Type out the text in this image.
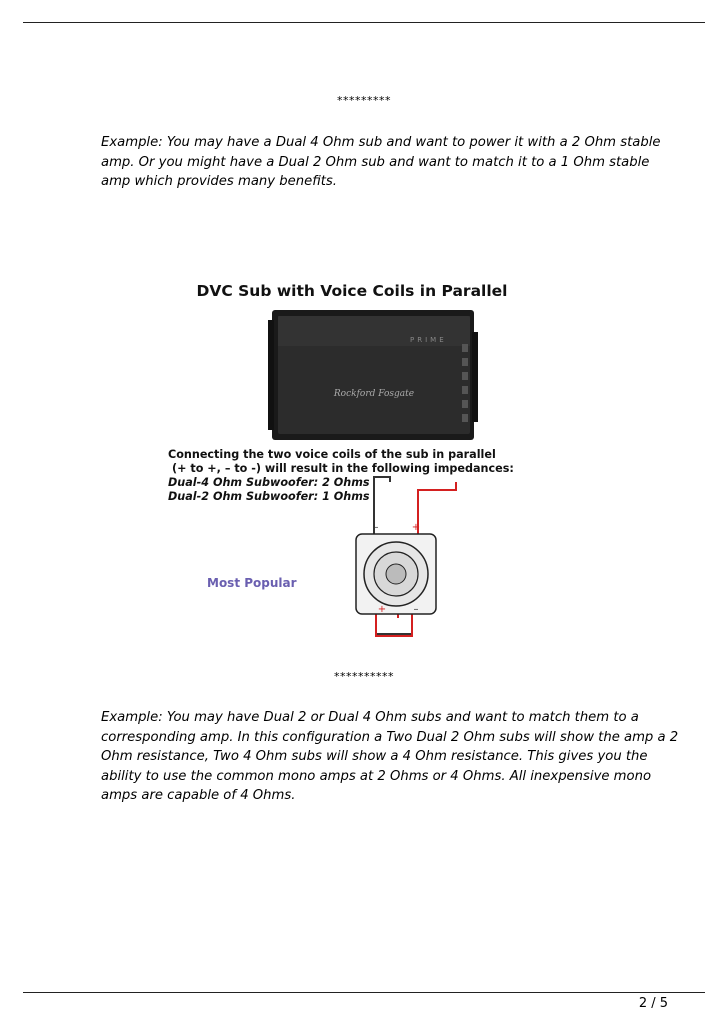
*********
Example: You may have a Dual 4 Ohm sub and want to power it with a 2 Ohm stable amp. Or you might have a Dual 2 Ohm sub and want to match it to a 1 Ohm stable amp which provides many benefits.
DVC Sub with Voice Coils in Parallel
PRIME
Rockford Fosgate
Connecting the two voice coils of the sub in parallel
(+ to +, – to -) will result in the following impedances:
Dual-4 Ohm Subwoofer: 2 Ohms
Dual-2 Ohm Subwoofer: 1 Ohms
–	+
+	–
Most Popular
**********
Example: You may have Dual 2 or Dual 4 Ohm subs and want to match them to a corresponding amp. In this configuration a Two Dual 2 Ohm subs will show the amp a 2 Ohm resistance, Two 4 Ohm subs will show a 4 Ohm resistance. This gives you the ability to use the common mono amps at 2 Ohms or 4 Ohms. All inexpensive mono amps are capable of 4 Ohms.
2 / 5
